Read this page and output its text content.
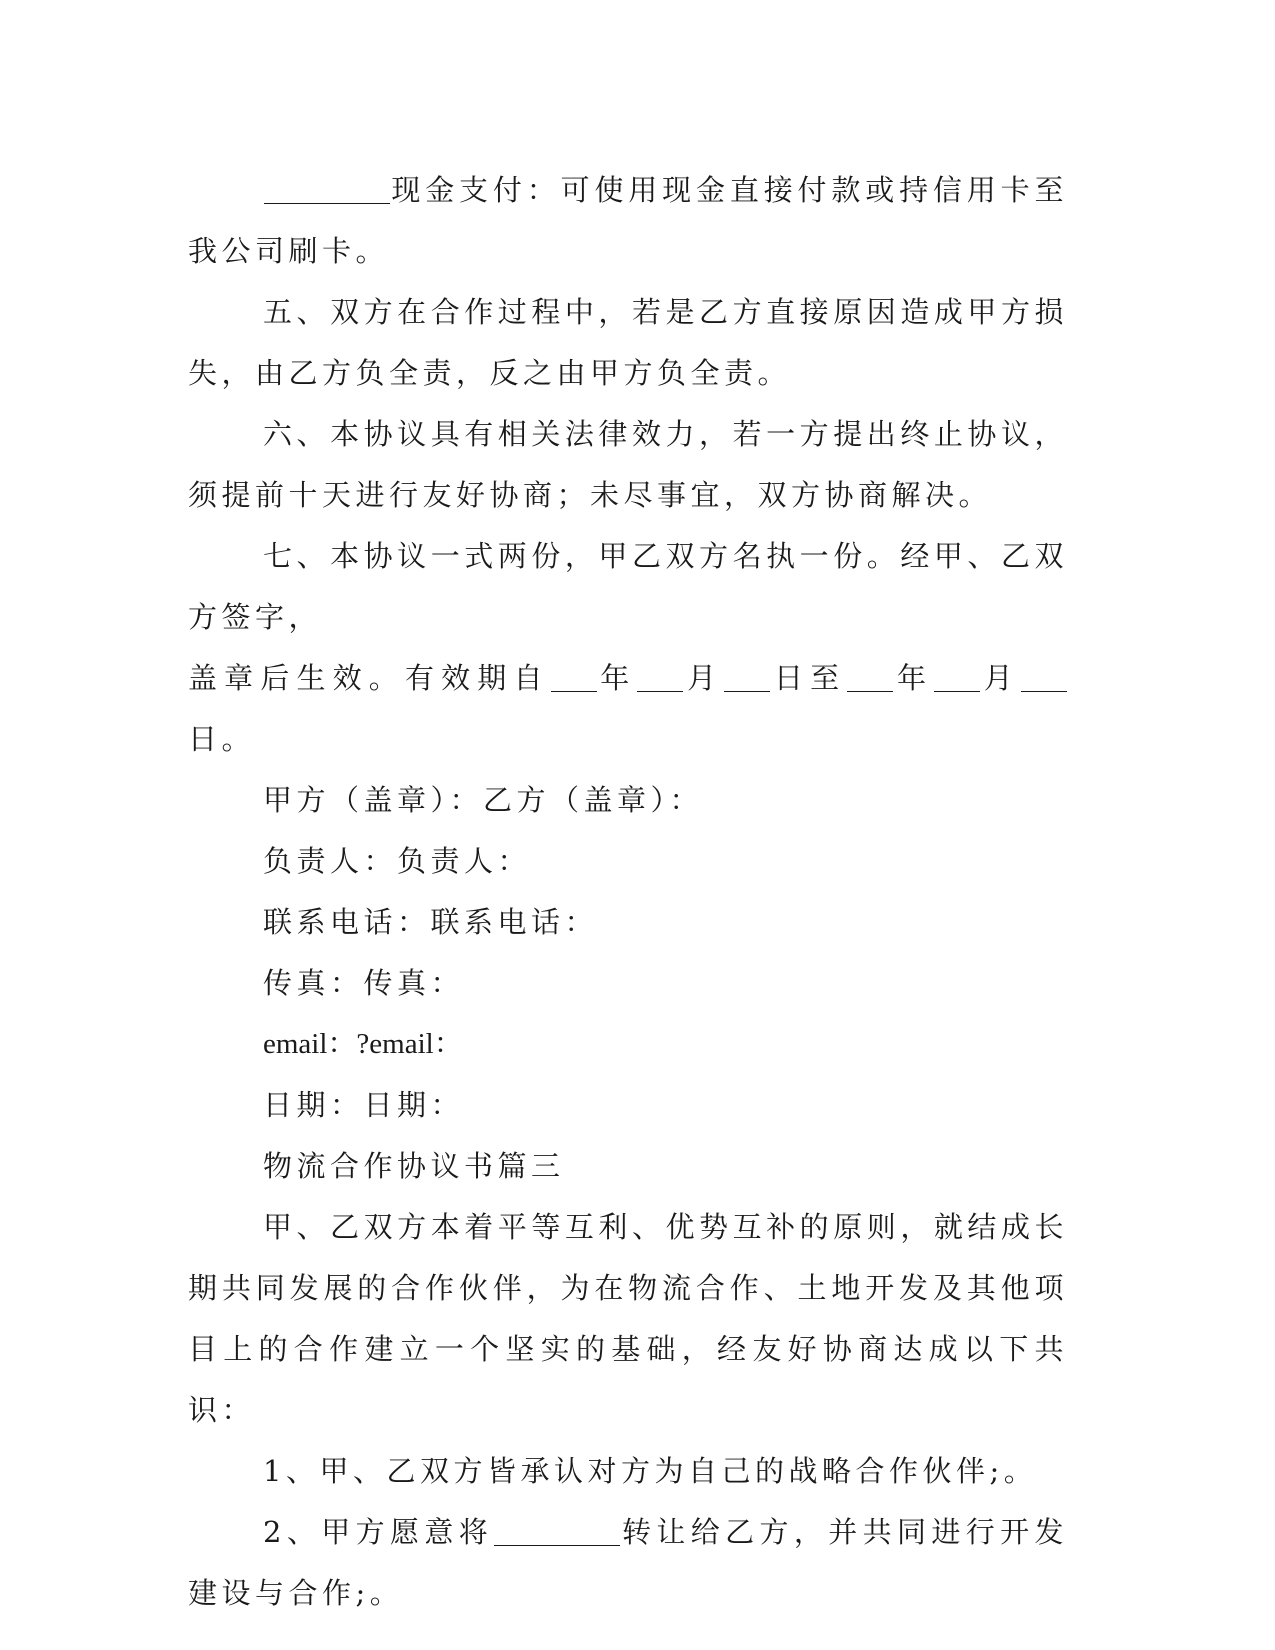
现金支付：可使用现金直接付款或持信用卡至我公司刷卡。

五、双方在合作过程中，若是乙方直接原因造成甲方损失，由乙方负全责，反之由甲方负全责。

六、本协议具有相关法律效力，若一方提出终止协议，须提前十天进行友好协商；未尽事宜，双方协商解决。

七、本协议一式两份，甲乙双方名执一份。经甲、乙双方签字，
盖章后生效。有效期自 年 月 日至 年 月日。

甲方（盖章）：乙方（盖章）：

负责人：负责人：

联系电话：联系电话：

传真：传真：

email：?email：

日期：日期：

物流合作协议书篇三

甲、乙双方本着平等互利、优势互补的原则，就结成长期共同发展的合作伙伴，为在物流合作、土地开发及其他项目上的合作建立一个坚实的基础，经友好协商达成以下共识：

1、甲、乙双方皆承认对方为自己的战略合作伙伴;。

2、甲方愿意将	转让给乙方，并共同进行开发建设与合作;。
